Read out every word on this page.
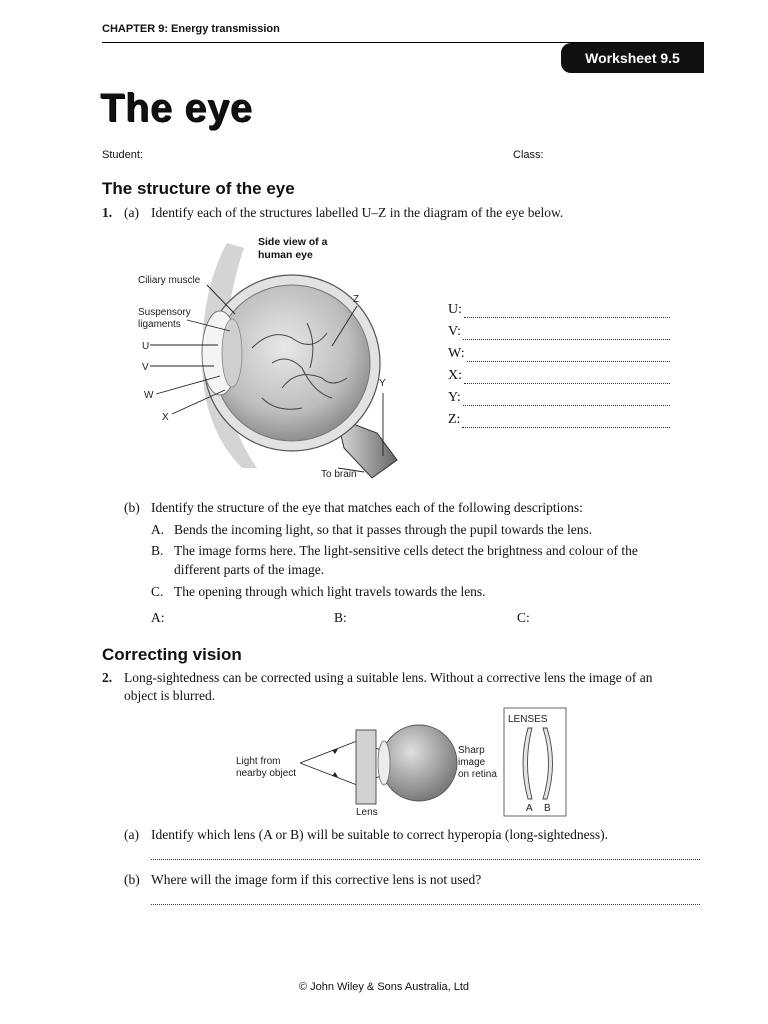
CHAPTER 9: Energy transmission
Worksheet 9.5
The eye
Student:	Class:
The structure of the eye
1. (a) Identify each of the structures labelled U–Z in the diagram of the eye below.
Side view of a
human eye
Ciliary muscle
Suspensory
ligaments
U
V
W
X
Y
Z
To brain
U:
V:
W:
X:
Y:
Z:
(b) Identify the structure of the eye that matches each of the following descriptions:
A. Bends the incoming light, so that it passes through the pupil towards the lens.
B. The image forms here. The light-sensitive cells detect the brightness and colour of the
different parts of the image.
C. The opening through which light travels towards the lens.
A:	B:	C:
Correcting vision
2. Long-sightedness can be corrected using a suitable lens. Without a corrective lens the image of an
object is blurred.
LENSES
A B
Light from
nearby object
Lens
Sharp
image
on retina
(a) Identify which lens (A or B) will be suitable to correct hyperopia (long-sightedness).
(b) Where will the image form if this corrective lens is not used?
© John Wiley & Sons Australia, Ltd
